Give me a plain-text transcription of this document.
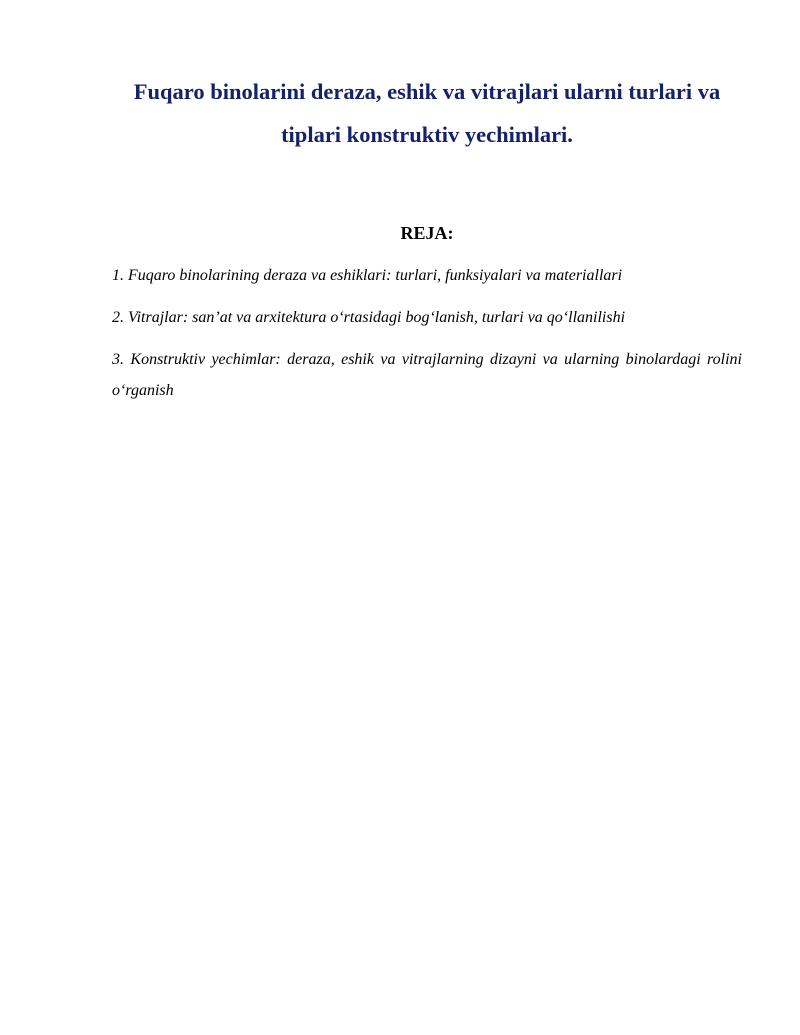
Fuqaro binolarini deraza, eshik va vitrajlari ularni turlari va tiplari konstruktiv yechimlari.

REJA:

1. Fuqaro binolarining deraza va eshiklari: turlari, funksiyalari va materiallari

2. Vitrajlar: san’at va arxitektura o‘rtasidagi bog‘lanish, turlari va qo‘llanilishi

3. Konstruktiv yechimlar: deraza, eshik va vitrajlarning dizayni va ularning binolardagi rolini o‘rganish
